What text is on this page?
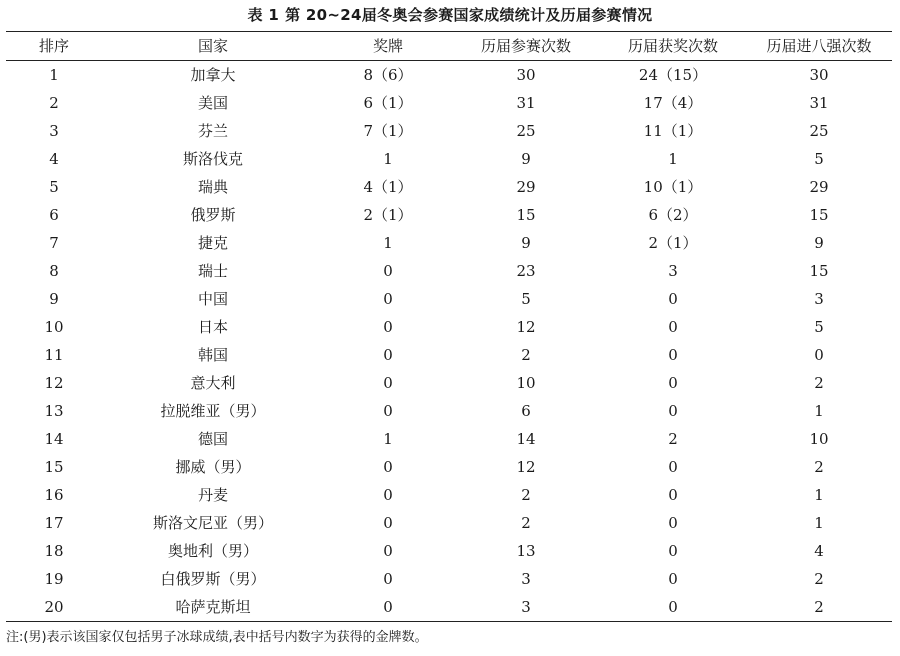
表 1 第 20~24届冬奥会参赛国家成绩统计及历届参赛情况
排序	国家	奖牌	历届参赛次数	历届获奖次数	历届进八强次数
1	加拿大	8（6）	30	24（15）	30
2	美国	6（1）	31	17（4）	31
3	芬兰	7（1）	25	11（1）	25
4	斯洛伐克	1	9	1	5
5	瑞典	4（1）	29	10（1）	29
6	俄罗斯	2（1）	15	6（2）	15
7	捷克	1	9	2（1）	9
8	瑞士	0	23	3	15
9	中国	0	5	0	3
10	日本	0	12	0	5
11	韩国	0	2	0	0
12	意大利	0	10	0	2
13	拉脱维亚（男）	0	6	0	1
14	德国	1	14	2	10
15	挪威（男）	0	12	0	2
16	丹麦	0	2	0	1
17	斯洛文尼亚（男）	0	2	0	1
18	奥地利（男）	0	13	0	4
19	白俄罗斯（男）	0	3	0	2
20	哈萨克斯坦	0	3	0	2
注:(男)表示该国家仅包括男子冰球成绩,表中括号内数字为获得的金牌数。
